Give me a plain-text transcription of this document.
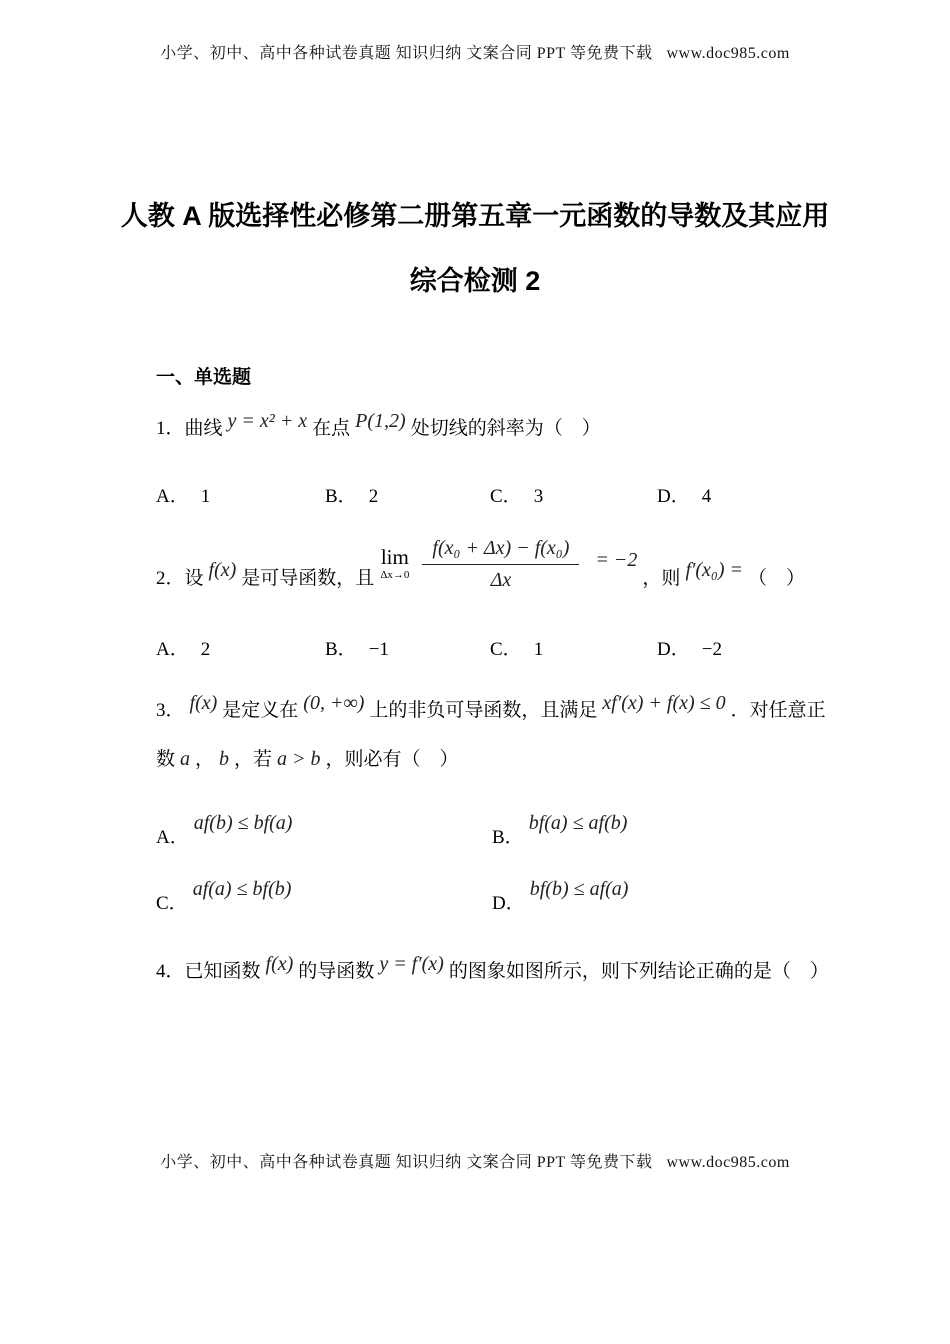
小学、初中、高中各种试卷真题 知识归纳 文案合同 PPT 等免费下载 www.doc985.com
人教 A 版选择性必修第二册第五章一元函数的导数及其应用
综合检测 2
一、单选题
1．曲线 y = x² + x 在点 P(1,2) 处切线的斜率为（　）
A． 1	B． 2	C． 3	D． 4
2． 设 f(x) 是可导函数，且
lim
$\Delta x\to 0 \frac{\text{f(x₀ + Δx) − f(x₀)}}{\Delta x} = -2$
，则 f′(x₀) = （　）
A． 2	B． −1	C． 1	D． −2
3． f(x) 是定义在 (0, +∞) 上的非负可导函数，且满足 xf′(x) + f(x) ≤ 0 ．对任意正
数 a ， b ，若 a > b ，则必有（　）
A．af(b) ≤ bf(a)
B．bf(a) ≤ af(b)
C．af(a) ≤ bf(b)
D．bf(b) ≤ af(a)
4．已知函数 f(x) 的导函数 y = f′(x) 的图象如图所示，则下列结论正确的是（　）
小学、初中、高中各种试卷真题 知识归纳 文案合同 PPT 等免费下载 www.doc985.com
